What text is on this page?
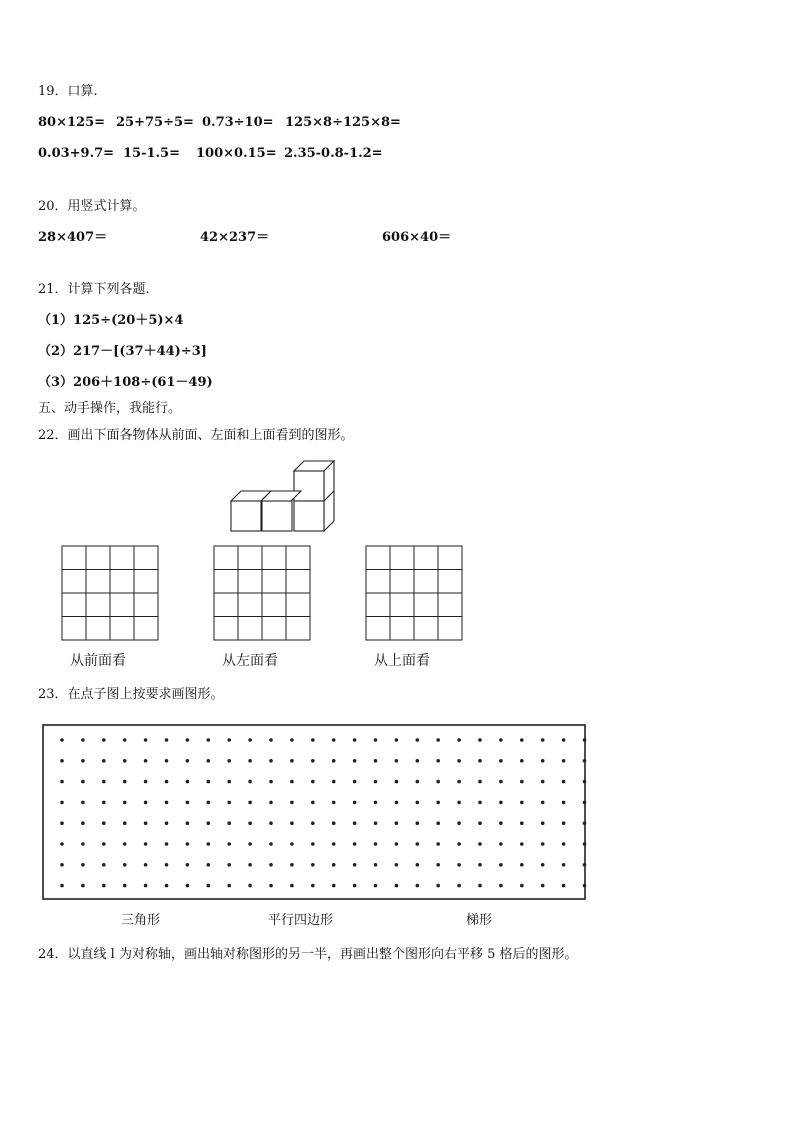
19．口算.
80×125= 25+75÷5= 0.73÷10= 125×8÷125×8=
0.03+9.7= 15-1.5= 100×0.15= 2.35-0.8-1.2=
20．用竖式计算。
28×407＝	42×237＝	606×40＝
21．计算下列各题.
（1）125÷(20＋5)×4
（2）217－[(37＋44)÷3]
（3）206＋108÷(61－49)
五、动手操作，我能行。
22．画出下面各物体从前面、左面和上面看到的图形。
从前面看	从左面看	从上面看
23．在点子图上按要求画图形。
三角形	平行四边形	梯形
24．以直线 l 为对称轴，画出轴对称图形的另一半，再画出整个图形向右平移 5 格后的图形。
